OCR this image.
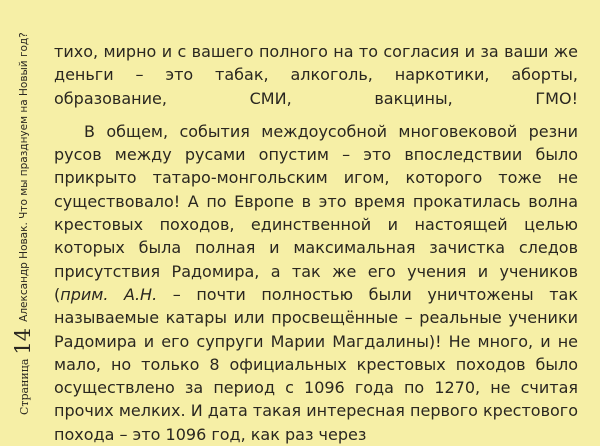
Страница
14
Александр Новак. Что мы празднуем на Новый год? тихо, мирно и с вашего полного на то согласия и за ваши же деньги – это табак, алкоголь, наркотики, аборты, образование, СМИ, вакцины, ГМО!

В общем, события междоусобной многовековой резни русов между русами опустим – это впоследствии было прикрыто татаро-монгольским игом, которого тоже не существовало! А по Европе в это время прокатилась волна крестовых походов, единственной и настоящей целью которых была полная и максимальная зачистка следов присутствия Радомира, а так же его учения и учеников (прим. А.Н. – почти полностью были уничтожены так называемые катары или просвещённые – реальные ученики Радомира и его супруги Марии Магдалины)! Не много, и не мало, но только 8 официальных крестовых походов было осуществлено за период с 1096 года по 1270, не считая прочих мелких. И дата такая интересная первого крестового похода – это 1096 год, как раз через
